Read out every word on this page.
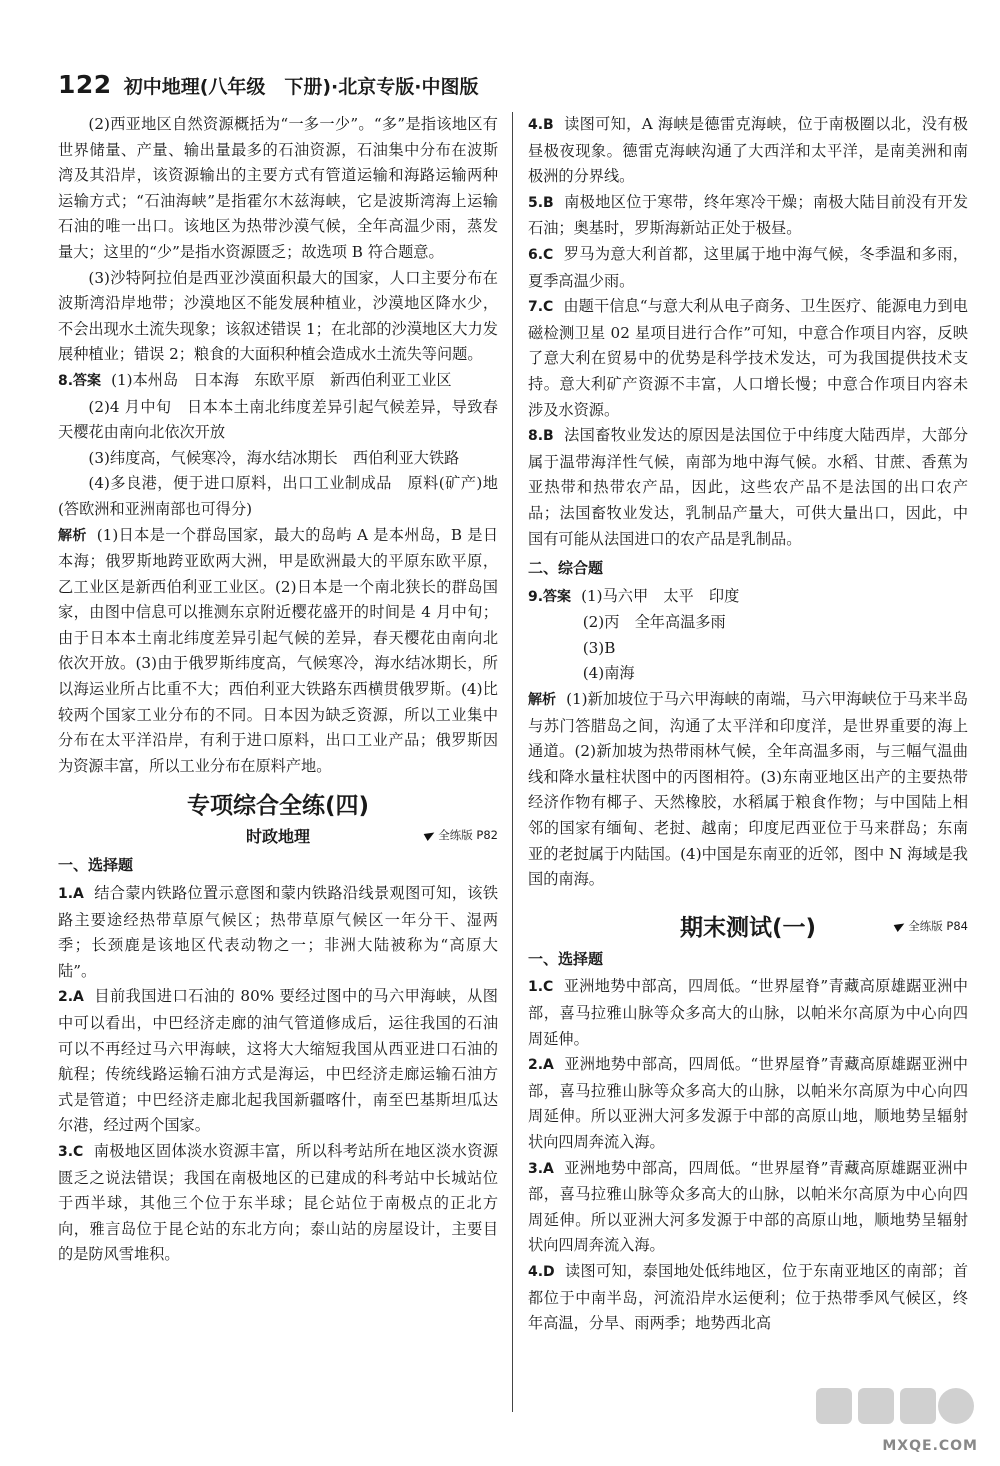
122 初中地理(八年级　下册)·北京专版·中图版

(2)西亚地区自然资源概括为“一多一少”。“多”是指该地区有世界储量、产量、输出量最多的石油资源，石油集中分布在波斯湾及其沿岸，该资源输出的主要方式有管道运输和海路运输两种运输方式；“石油海峡”是指霍尔木兹海峡，它是波斯湾海上运输石油的唯一出口。该地区为热带沙漠气候，全年高温少雨，蒸发量大；这里的“少”是指水资源匮乏；故选项 B 符合题意。

(3)沙特阿拉伯是西亚沙漠面积最大的国家，人口主要分布在波斯湾沿岸地带；沙漠地区不能发展种植业，沙漠地区降水少，不会出现水土流失现象；该叙述错误 1；在北部的沙漠地区大力发展种植业；错误 2；粮食的大面积种植会造成水土流失等问题。

8.答案 (1)本州岛　日本海　东欧平原　新西伯利亚工业区

(2)4 月中旬　日本本土南北纬度差异引起气候差异，导致春天樱花由南向北依次开放

(3)纬度高，气候寒冷，海水结冰期长　西伯利亚大铁路

(4)多良港，便于进口原料，出口工业制成品　原料(矿产)地(答欧洲和亚洲南部也可得分)

解析 (1)日本是一个群岛国家，最大的岛屿 A 是本州岛，B 是日本海；俄罗斯地跨亚欧两大洲，甲是欧洲最大的平原东欧平原，乙工业区是新西伯利亚工业区。(2)日本是一个南北狭长的群岛国家，由图中信息可以推测东京附近樱花盛开的时间是 4 月中旬；由于日本本土南北纬度差异引起气候的差异，春天樱花由南向北依次开放。(3)由于俄罗斯纬度高，气候寒冷，海水结冰期长，所以海运业所占比重不大；西伯利亚大铁路东西横贯俄罗斯。(4)比较两个国家工业分布的不同。日本因为缺乏资源，所以工业集中分布在太平洋沿岸，有利于进口原料，出口工业产品；俄罗斯因为资源丰富，所以工业分布在原料产地。

专项综合全练(四)
时政地理	全练版 P82
一、选择题

1.A 结合蒙内铁路位置示意图和蒙内铁路沿线景观图可知，该铁路主要途经热带草原气候区；热带草原气候区一年分干、湿两季；长颈鹿是该地区代表动物之一；非洲大陆被称为“高原大陆”。

2.A 目前我国进口石油的 80% 要经过图中的马六甲海峡，从图中可以看出，中巴经济走廊的油气管道修成后，运往我国的石油可以不再经过马六甲海峡，这将大大缩短我国从西亚进口石油的航程；传统线路运输石油方式是海运，中巴经济走廊运输石油方式是管道；中巴经济走廊北起我国新疆喀什，南至巴基斯坦瓜达尔港，经过两个国家。

3.C 南极地区固体淡水资源丰富，所以科考站所在地区淡水资源匮乏之说法错误；我国在南极地区的已建成的科考站中长城站位于西半球，其他三个位于东半球；昆仑站位于南极点的正北方向，雅言岛位于昆仑站的东北方向；泰山站的房屋设计，主要目的是防风雪堆积。

4.B 读图可知，A 海峡是德雷克海峡，位于南极圈以北，没有极昼极夜现象。德雷克海峡沟通了大西洋和太平洋，是南美洲和南极洲的分界线。

5.B 南极地区位于寒带，终年寒冷干燥；南极大陆目前没有开发石油；奥基时，罗斯海新站正处于极昼。

6.C 罗马为意大利首都，这里属于地中海气候，冬季温和多雨，夏季高温少雨。

7.C 由题干信息“与意大利从电子商务、卫生医疗、能源电力到电磁检测卫星 02 星项目进行合作”可知，中意合作项目内容，反映了意大利在贸易中的优势是科学技术发达，可为我国提供技术支持。意大利矿产资源不丰富，人口增长慢；中意合作项目内容未涉及水资源。

8.B 法国畜牧业发达的原因是法国位于中纬度大陆西岸，大部分属于温带海洋性气候，南部为地中海气候。水稻、甘蔗、香蕉为亚热带和热带农产品，因此，这些农产品不是法国的出口农产品；法国畜牧业发达，乳制品产量大，可供大量出口，因此，中国有可能从法国进口的农产品是乳制品。

二、综合题

9.答案 (1)马六甲　太平　印度

(2)丙　全年高温多雨

(3)B

(4)南海

解析 (1)新加坡位于马六甲海峡的南端，马六甲海峡位于马来半岛与苏门答腊岛之间，沟通了太平洋和印度洋，是世界重要的海上通道。(2)新加坡为热带雨林气候，全年高温多雨，与三幅气温曲线和降水量柱状图中的丙图相符。(3)东南亚地区出产的主要热带经济作物有椰子、天然橡胶，水稻属于粮食作物；与中国陆上相邻的国家有缅甸、老挝、越南；印度尼西亚位于马来群岛；东南亚的老挝属于内陆国。(4)中国是东南亚的近邻，图中 N 海域是我国的南海。

期末测试(一)	全练版 P84
一、选择题

1.C 亚洲地势中部高，四周低。“世界屋脊”青藏高原雄踞亚洲中部，喜马拉雅山脉等众多高大的山脉，以帕米尔高原为中心向四周延伸。

2.A 亚洲地势中部高，四周低。“世界屋脊”青藏高原雄踞亚洲中部，喜马拉雅山脉等众多高大的山脉，以帕米尔高原为中心向四周延伸。所以亚洲大河多发源于中部的高原山地，顺地势呈辐射状向四周奔流入海。

3.A 亚洲地势中部高，四周低。“世界屋脊”青藏高原雄踞亚洲中部，喜马拉雅山脉等众多高大的山脉，以帕米尔高原为中心向四周延伸。所以亚洲大河多发源于中部的高原山地，顺地势呈辐射状向四周奔流入海。

4.D 读图可知，泰国地处低纬地区，位于东南亚地区的南部；首都位于中南半岛，河流沿岸水运便利；位于热带季风气候区，终年高温，分旱、雨两季；地势西北高

MXQE.COM
